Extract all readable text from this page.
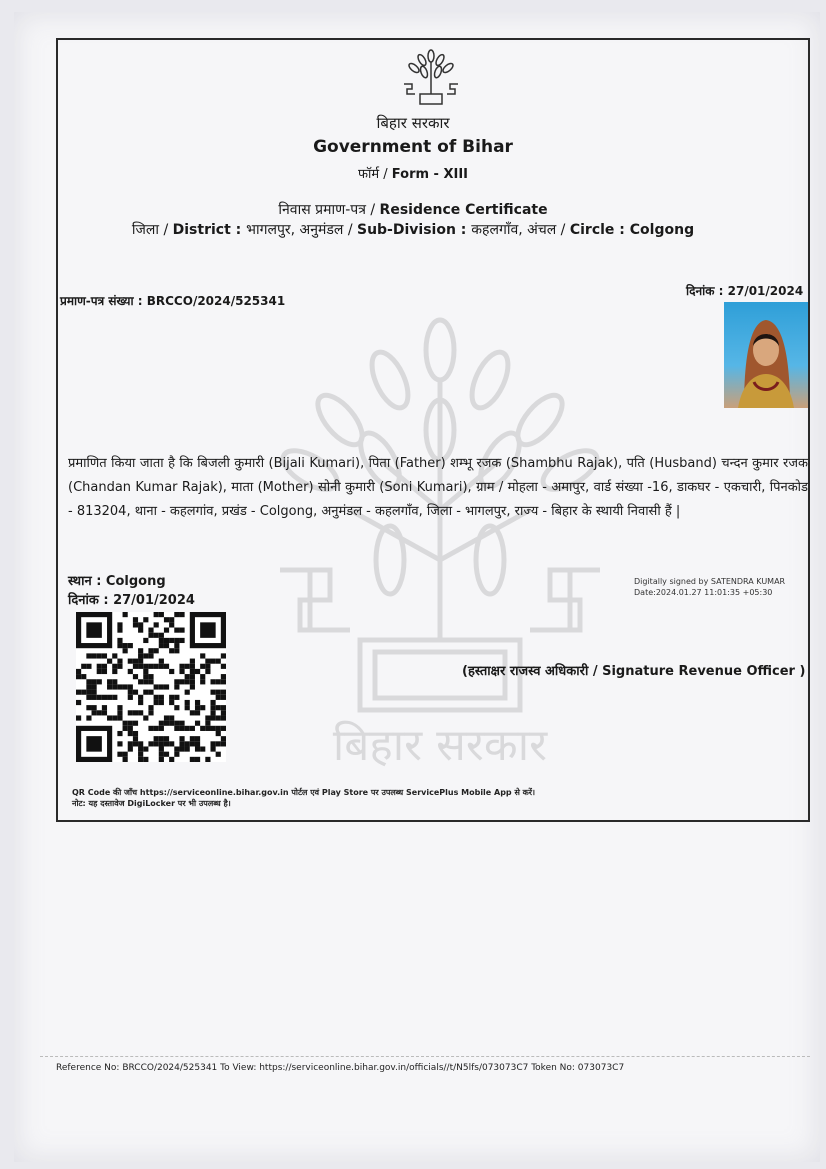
बिहार सरकार
बिहार सरकार
Government of Bihar
फॉर्म / Form - XIII
निवास प्रमाण-पत्र / Residence Certificate
जिला / District : भागलपुर, अनुमंडल / Sub-Division : कहलगाँव, अंचल / Circle : Colgong
प्रमाण-पत्र संख्या : BRCCO/2024/525341
दिनांक : 27/01/2024
प्रमाणित किया जाता है कि बिजली कुमारी (Bijali Kumari), पिता (Father) शम्भू रजक (Shambhu Rajak), पति (Husband) चन्दन कुमार रजक (Chandan Kumar Rajak), माता (Mother) सोनी कुमारी (Soni Kumari), ग्राम / मोहला - अमापुर, वार्ड संख्या -16, डाकघर - एकचारी, पिनकोड - 813204, थाना - कहलगांव, प्रखंड - Colgong, अनुमंडल - कहलगाँव, जिला - भागलपुर, राज्य - बिहार के स्थायी निवासी हैं |
स्थान : Colgong
दिनांक : 27/01/2024
Digitally signed by SATENDRA KUMAR
Date:2024.01.27 11:01:35 +05:30
(हस्ताक्षर राजस्व अधिकारी / Signature Revenue Officer )
QR Code की जाँच https://serviceonline.bihar.gov.in पोर्टल एवं Play Store पर उपलब्ध ServicePlus Mobile App से करें।
नोट: यह दस्तावेज DigiLocker पर भी उपलब्ध है।
Reference No: BRCCO/2024/525341 To View: https://serviceonline.bihar.gov.in/officials//t/N5lfs/073073C7 Token No: 073073C7
